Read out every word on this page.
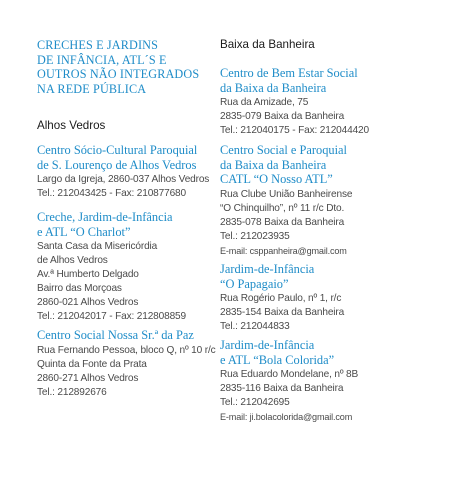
CRECHES E JARDINS
DE INFÂNCIA, ATL´S E
OUTROS NÃO INTEGRADOS
NA REDE PÚBLICA
Alhos Vedros
Centro Sócio-Cultural Paroquial
de S. Lourenço de Alhos Vedros
Largo da Igreja, 2860-037 Alhos Vedros
Tel.: 212043425 - Fax: 210877680
Creche, Jardim-de-Infância
e ATL “O Charlot”
Santa Casa da Misericórdia
de Alhos Vedros
Av.ª Humberto Delgado
Bairro das Morçoas
2860-021 Alhos Vedros
Tel.: 212042017 - Fax: 212808859
Centro Social Nossa Sr.ª da Paz
Rua Fernando Pessoa, bloco Q, nº 10 r/c
Quinta da Fonte da Prata
2860-271 Alhos Vedros
Tel.: 212892676
Baixa da Banheira
Centro de Bem Estar Social
da Baixa da Banheira
Rua da Amizade, 75
2835-079 Baixa da Banheira
Tel.: 212040175 - Fax: 212044420
Centro Social e Paroquial
da Baixa da Banheira
CATL “O Nosso ATL”
Rua Clube União Banheirense
“O Chinquilho”, nº 11 r/c Dto.
2835-078 Baixa da Banheira
Tel.: 212023935
E-mail: csppanheira@gmail.com
Jardim-de-Infância
“O Papagaio”
Rua Rogério Paulo, nº 1, r/c
2835-154 Baixa da Banheira
Tel.: 212044833
Jardim-de-Infância
e ATL “Bola Colorida”
Rua Eduardo Mondelane, nº 8B
2835-116 Baixa da Banheira
Tel.: 212042695
E-mail: ji.bolacolorida@gmail.com
